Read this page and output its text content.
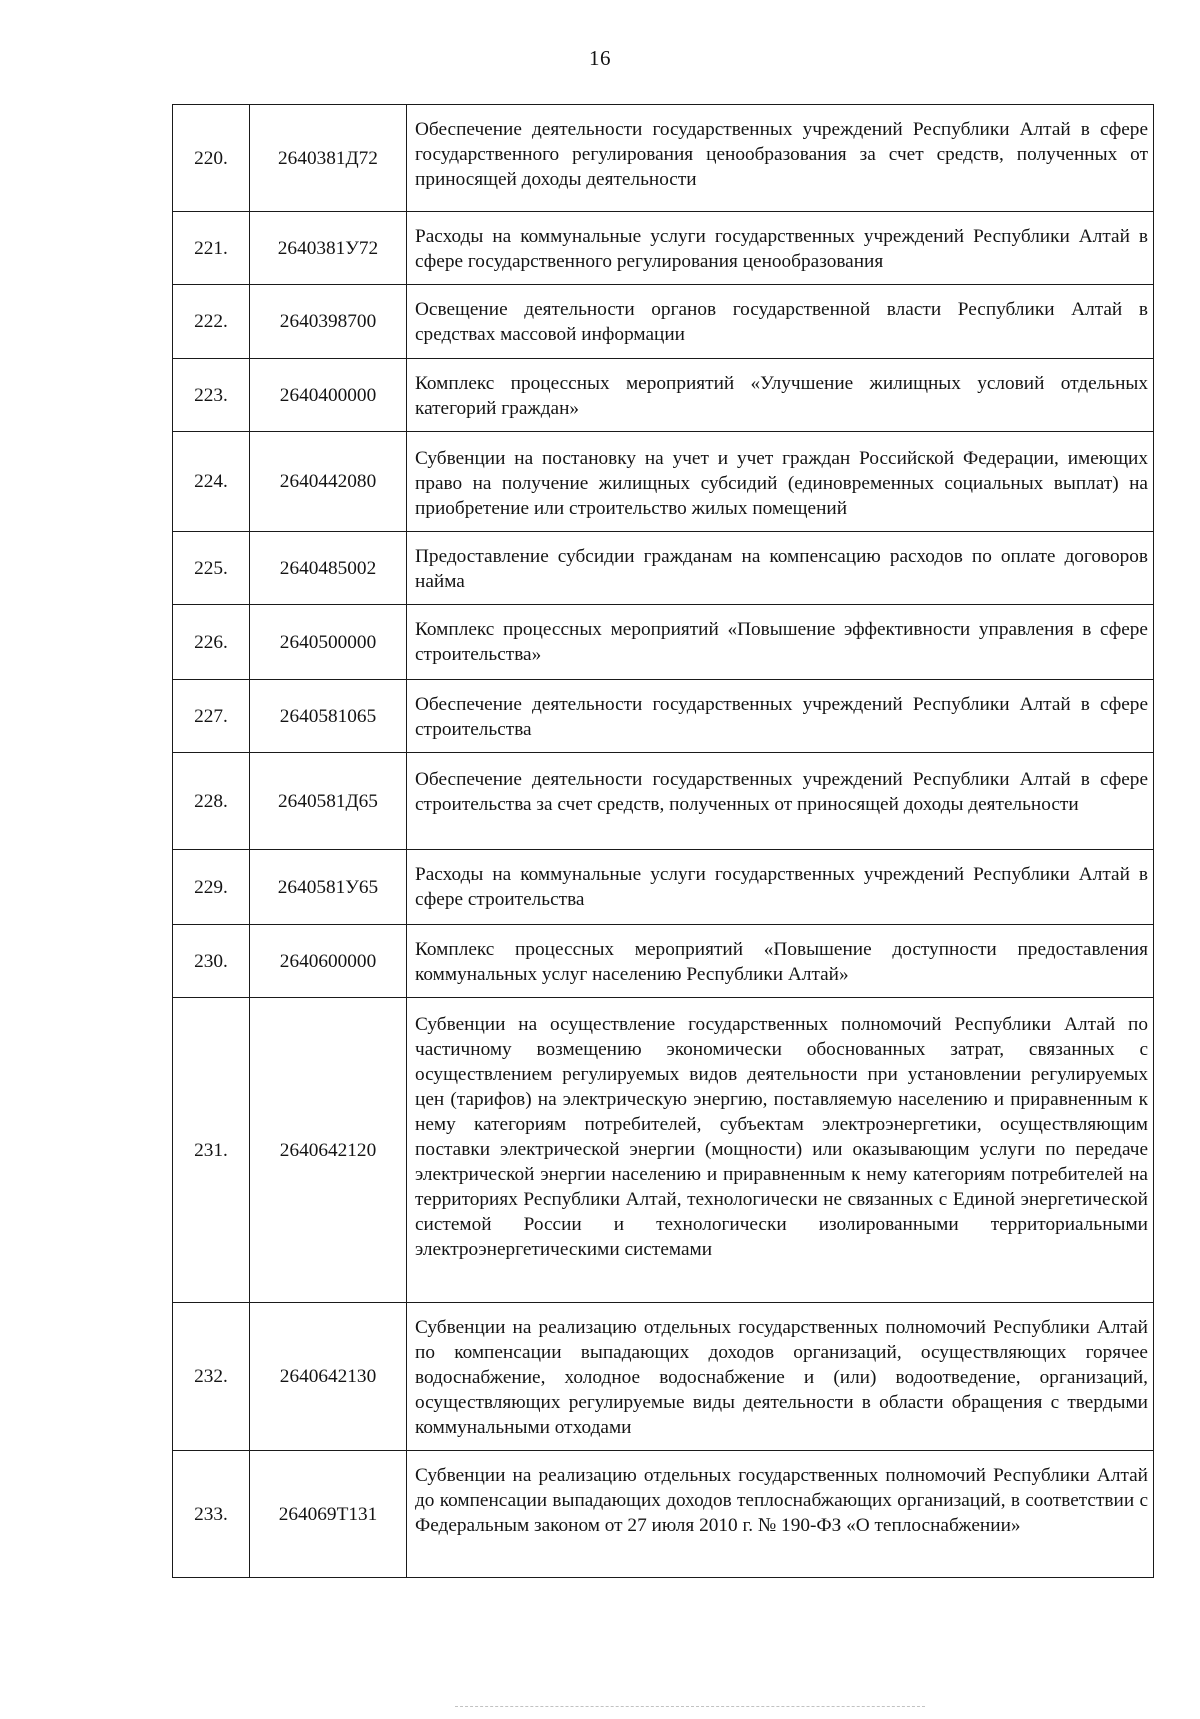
16
220.	2640381Д72	Обеспечение деятельности государственных учреждений Республики Алтай в сфере государственного регулирования ценообразования за счет средств, полученных от приносящей доходы деятельности
221.	2640381У72	Расходы на коммунальные услуги государственных учреждений Республики Алтай в сфере государственного регулирования ценообразования
222.	2640398700	Освещение деятельности органов государственной власти Республики Алтай в средствах массовой информации
223.	2640400000	Комплекс процессных мероприятий «Улучшение жилищных условий отдельных категорий граждан»
224.	2640442080	Субвенции на постановку на учет и учет граждан Российской Федерации, имеющих право на получение жилищных субсидий (единовременных социальных выплат) на приобретение или строительство жилых помещений
225.	2640485002	Предоставление субсидии гражданам на компенсацию расходов по оплате договоров найма
226.	2640500000	Комплекс процессных мероприятий «Повышение эффективности управления в сфере строительства»
227.	2640581065	Обеспечение деятельности государственных учреждений Республики Алтай в сфере строительства
228.	2640581Д65	Обеспечение деятельности государственных учреждений Республики Алтай в сфере строительства за счет средств, полученных от приносящей доходы деятельности
229.	2640581У65	Расходы на коммунальные услуги государственных учреждений Республики Алтай в сфере строительства
230.	2640600000	Комплекс процессных мероприятий «Повышение доступности предоставления коммунальных услуг населению Республики Алтай»
231.	2640642120	Субвенции на осуществление государственных полномочий Республики Алтай по частичному возмещению экономически обоснованных затрат, связанных с осуществлением регулируемых видов деятельности при установлении регулируемых цен (тарифов) на электрическую энергию, поставляемую населению и приравненным к нему категориям потребителей, субъектам электроэнергетики, осуществляющим поставки электрической энергии (мощности) или оказывающим услуги по передаче электрической энергии населению и приравненным к нему категориям потребителей на территориях Республики Алтай, технологически не связанных с Единой энергетической системой России и технологически изолированными территориальными электроэнергетическими системами
232.	2640642130	Субвенции на реализацию отдельных государственных полномочий Республики Алтай по компенсации выпадающих доходов организаций, осуществляющих горячее водоснабжение, холодное водоснабжение и (или) водоотведение, организаций, осуществляющих регулируемые виды деятельности в области обращения с твердыми коммунальными отходами
233.	264069Т131	Субвенции на реализацию отдельных государственных полномочий Республики Алтай до компенсации выпадающих доходов теплоснабжающих организаций, в соответствии с Федеральным законом от 27 июля 2010 г. № 190-ФЗ «О теплоснабжении»
